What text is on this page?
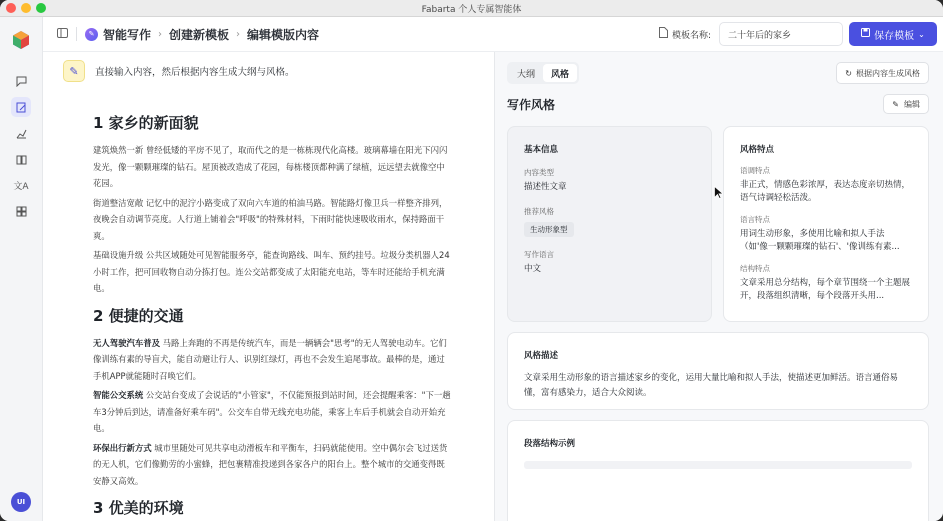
Fabarta 个人专属智能体
文A
UI
✎ 智能写作 › 创建新模板 › 编辑模版内容	模板名称:
二十年后的家乡	保存模板 ⌄
✎	直接输入内容，然后根据内容生成大纲与风格。
1 家乡的新面貌

建筑焕然一新 曾经低矮的平房不见了，取而代之的是一栋栋现代化高楼。玻璃幕墙在阳光下闪闪发光，像一颗颗璀璨的钻石。屋顶被改造成了花园，每栋楼顶都种满了绿植，远远望去就像空中花园。

街道整洁宽敞 记忆中的泥泞小路变成了双向六车道的柏油马路。智能路灯像卫兵一样整齐排列，夜晚会自动调节亮度。人行道上铺着会"呼吸"的特殊材料，下雨时能快速吸收雨水，保持路面干爽。

基础设施升级 公共区域随处可见智能服务亭，能查询路线、叫车、预约挂号。垃圾分类机器人24小时工作，把可回收物自动分拣打包。连公交站都变成了太阳能充电站，等车时还能给手机充满电。

2 便捷的交通

无人驾驶汽车普及 马路上奔跑的不再是传统汽车，而是一辆辆会"思考"的无人驾驶电动车。它们像训练有素的导盲犬，能自动避让行人、识别红绿灯，再也不会发生追尾事故。最棒的是，通过手机APP就能随时召唤它们。

智能公交系统 公交站台变成了会说话的"小管家"，不仅能预报到站时间，还会提醒乘客："下一趟车3分钟后到达，请准备好乘车码"。公交车自带无线充电功能，乘客上车后手机就会自动开始充电。

环保出行新方式 城市里随处可见共享电动滑板车和平衡车，扫码就能使用。空中偶尔会飞过送货的无人机，它们像勤劳的小蜜蜂，把包裹精准投递到各家各户的阳台上。整个城市的交通变得既安静又高效。

3 优美的环境
大纲	风格	↻ 根据内容生成风格
写作风格	✎ 编辑
基本信息
内容类型
描述性文章
推荐风格
生动形象型
写作语言
中文
风格特点
语调特点
非正式，情感色彩浓厚，表达态度亲切热情，语气诗调轻松活泼。
语言特点
用词生动形象，多使用比喻和拟人手法（如'像一颗颗璀璨的钻石'、'像训练有素...
结构特点
文章采用总分结构，每个章节围绕一个主题展开，段落组织清晰，每个段落开头用...
风格描述
文章采用生动形象的语言描述家乡的变化，运用大量比喻和拟人手法，使描述更加鲜活。语言通俗易懂，富有感染力，适合大众阅读。
段落结构示例
